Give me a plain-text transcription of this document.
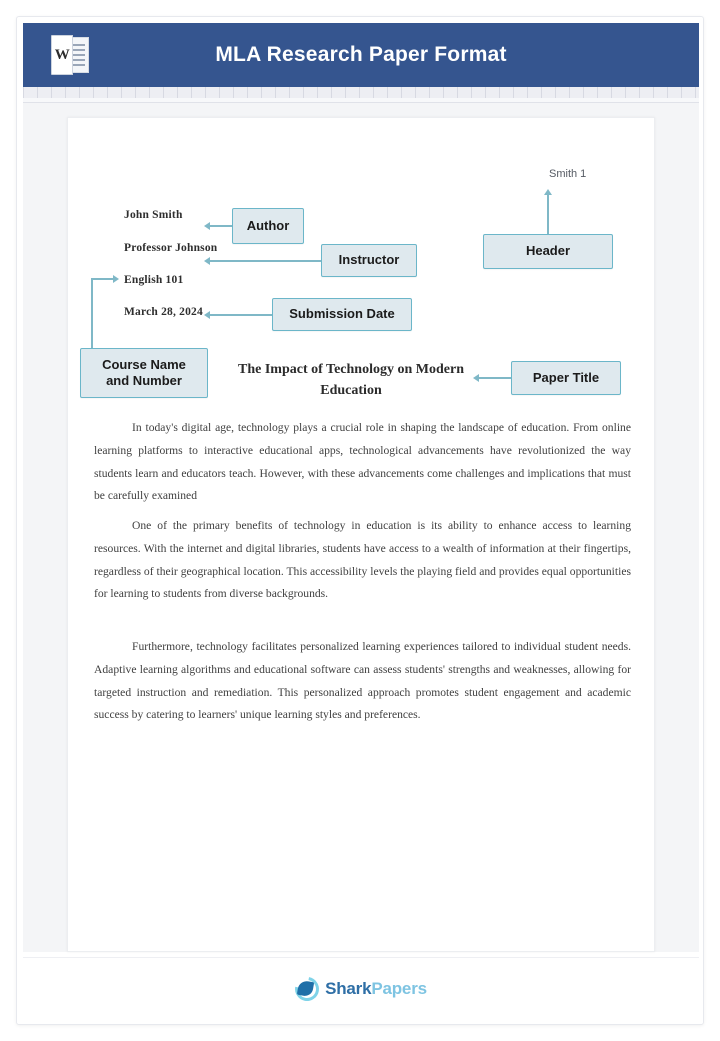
W	MLA Research Paper Format
Smith 1
John Smith
Professor Johnson
English 101
March 28, 2024
The Impact of Technology on Modern
Education
In today's digital age, technology plays a crucial role in shaping the landscape of education. From online learning platforms to interactive educational apps, technological advancements have revolutionized the way students learn and educators teach. However, with these advancements come challenges and implications that must be carefully examined
One of the primary benefits of technology in education is its ability to enhance access to learning resources. With the internet and digital libraries, students have access to a wealth of information at their fingertips, regardless of their geographical location. This accessibility levels the playing field and provides equal opportunities for learning to students from diverse backgrounds.
Furthermore, technology facilitates personalized learning experiences tailored to individual student needs. Adaptive learning algorithms and educational software can assess students' strengths and weaknesses, allowing for targeted instruction and remediation. This personalized approach promotes student engagement and academic success by catering to learners' unique learning styles and preferences.
Author
Instructor
Submission Date
Course Name
and Number
Header
Paper Title
SharkPapers
